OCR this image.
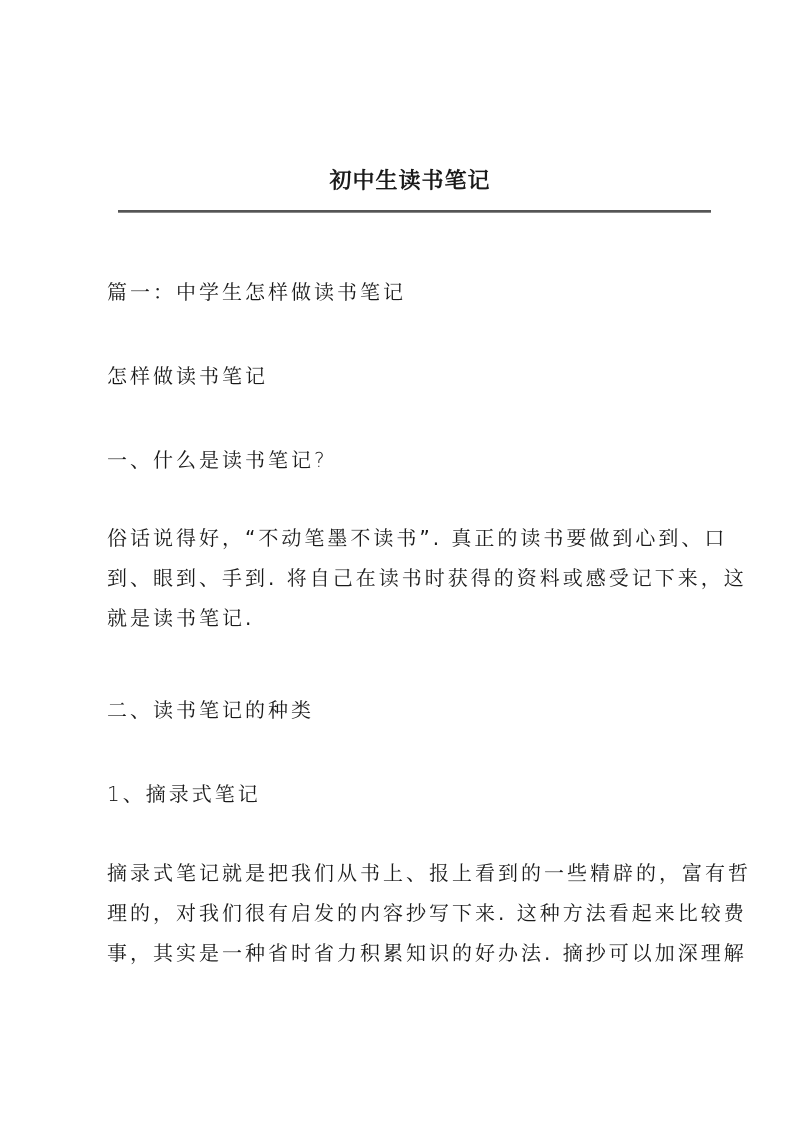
初中生读书笔记
篇一：中学生怎样做读书笔记
怎样做读书笔记
一、什么是读书笔记?
俗话说得好，“不动笔墨不读书”. 真正的读书要做到心到、口
到、眼到、手到. 将自己在读书时获得的资料或感受记下来，这
就是读书笔记.
二、读书笔记的种类
1、摘录式笔记
摘录式笔记就是把我们从书上、报上看到的一些精辟的，富有哲
理的，对我们很有启发的内容抄写下来. 这种方法看起来比较费
事，其实是一种省时省力积累知识的好办法. 摘抄可以加深理解
